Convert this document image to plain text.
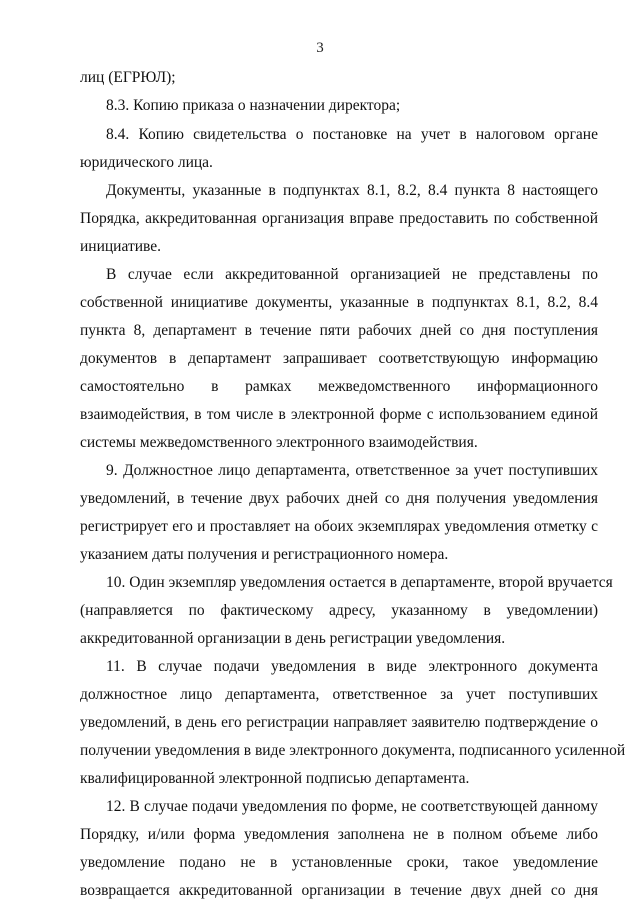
3
лиц (ЕГРЮЛ);
8.3. Копию приказа о назначении директора;
8.4. Копию свидетельства о постановке на учет в налоговом органе
юридического лица.
Документы, указанные в подпунктах 8.1, 8.2, 8.4 пункта 8 настоящего
Порядка, аккредитованная организация вправе предоставить по собственной
инициативе.
В случае если аккредитованной организацией не представлены по
собственной инициативе документы, указанные в подпунктах 8.1, 8.2, 8.4
пункта 8, департамент в течение пяти рабочих дней со дня поступления
документов в департамент запрашивает соответствующую информацию
самостоятельно в рамках межведомственного информационного
взаимодействия, в том числе в электронной форме с использованием единой
системы межведомственного электронного взаимодействия.
9. Должностное лицо департамента, ответственное за учет поступивших
уведомлений, в течение двух рабочих дней со дня получения уведомления
регистрирует его и проставляет на обоих экземплярах уведомления отметку с
указанием даты получения и регистрационного номера.
10. Один экземпляр уведомления остается в департаменте, второй вручается
(направляется по фактическому адресу, указанному в уведомлении)
аккредитованной организации в день регистрации уведомления.
11. В случае подачи уведомления в виде электронного документа
должностное лицо департамента, ответственное за учет поступивших
уведомлений, в день его регистрации направляет заявителю подтверждение о
получении уведомления в виде электронного документа, подписанного усиленной
квалифицированной электронной подписью департамента.
12. В случае подачи уведомления по форме, не соответствующей данному
Порядку, и/или форма уведомления заполнена не в полном объеме либо
уведомление подано не в установленные сроки, такое уведомление
возвращается аккредитованной организации в течение двух дней со дня
